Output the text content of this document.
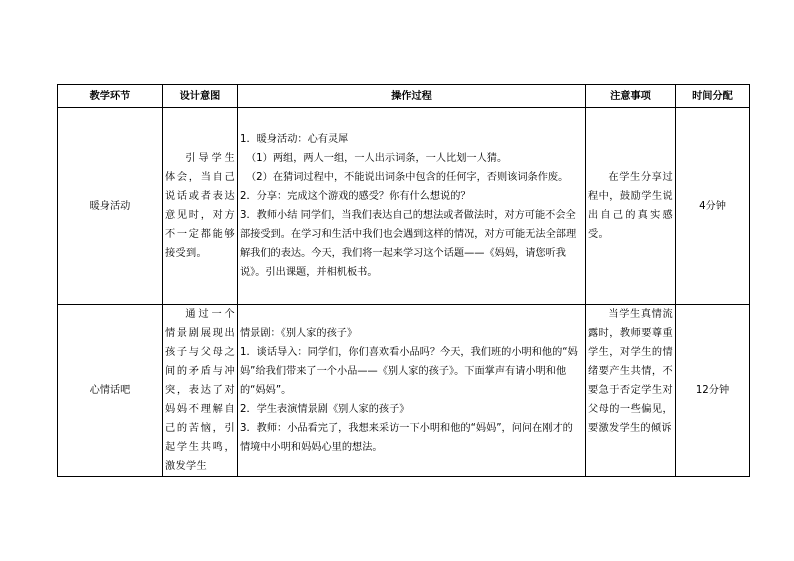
教学环节	设计意图	操作过程	注意事项	时间分配
暖身活动	引导学生体会，当自己说话或者表达意见时，对方不一定都能够接受到。	1．暖身活动：心有灵犀
（1）两组，两人一组，一人出示词条，一人比划一人猜。
（2）在猜词过程中，不能说出词条中包含的任何字，否则该词条作废。
2．分享：完成这个游戏的感受？你有什么想说的？
3．教师小结 同学们，当我们表达自己的想法或者做法时，对方可能不会全部接受到。在学习和生活中我们也会遇到这样的情况，对方可能无法全部理解我们的表达。今天，我们将一起来学习这个话题——《妈妈，请您听我说》。引出课题，并相机板书。	在学生分享过程中，鼓励学生说出自己的真实感受。	4分钟
心情话吧	通过一个情景剧展现出孩子与父母之间的矛盾与冲突，表达了对妈妈不理解自己的苦恼，引起学生共鸣，激发学生	情景剧：《别人家的孩子》
1．谈话导入：同学们，你们喜欢看小品吗？今天，我们班的小明和他的“妈妈”给我们带来了一个小品——《别人家的孩子》。下面掌声有请小明和他的“妈妈”。
2．学生表演情景剧《别人家的孩子》
3．教师：小品看完了，我想来采访一下小明和他的“妈妈”，问问在刚才的情境中小明和妈妈心里的想法。	当学生真情流露时，教师要尊重学生，对学生的情绪要产生共情，不要急于否定学生对父母的一些偏见，要激发学生的倾诉	12分钟
